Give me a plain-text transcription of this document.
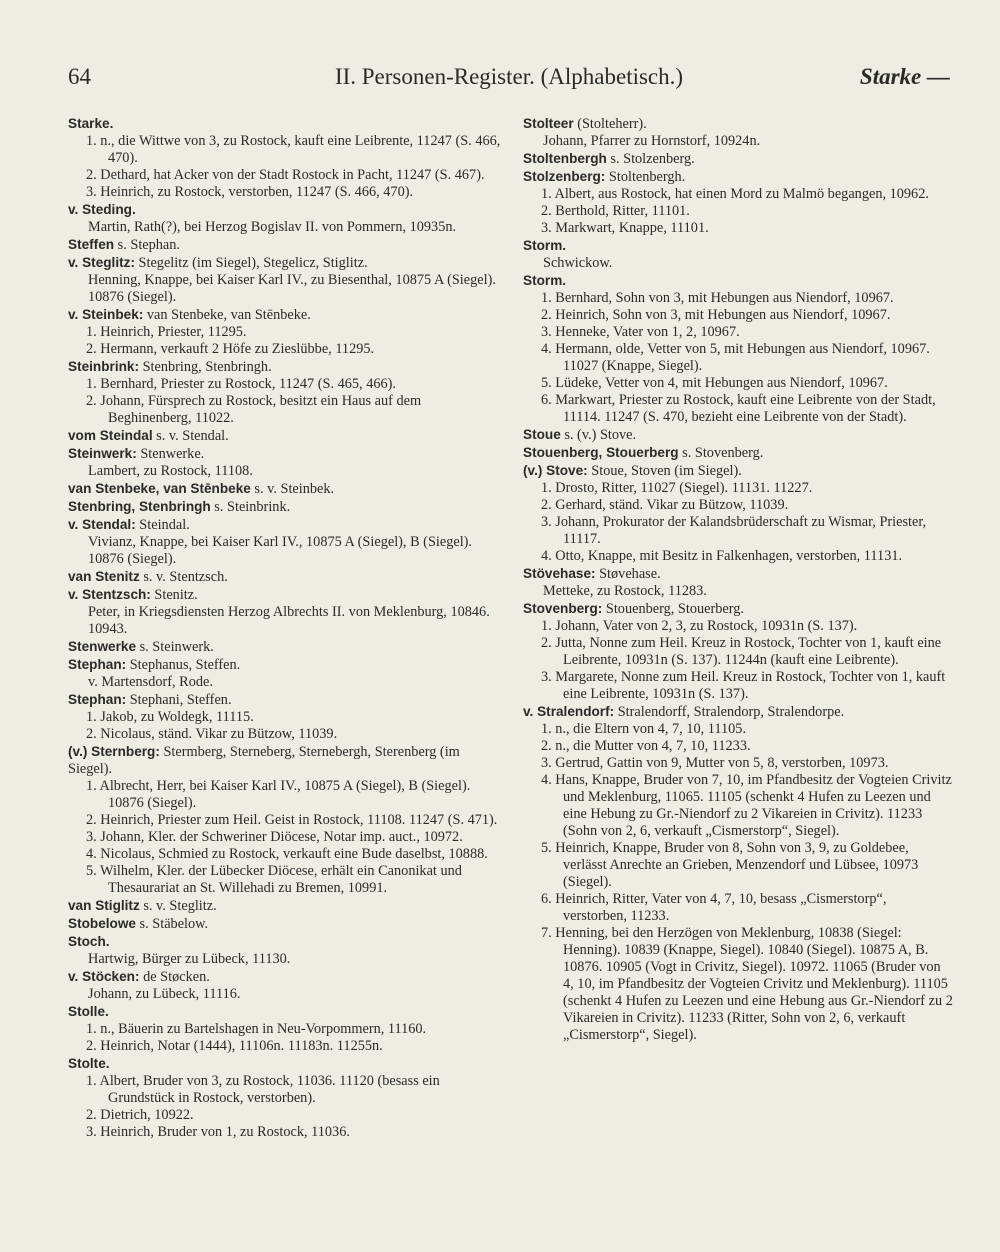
64	II. Personen-Register. (Alphabetisch.)	Starke —
Starke.
1. n., die Wittwe von 3, zu Rostock, kauft eine Leibrente, 11247 (S. 466, 470).
2. Dethard, hat Acker von der Stadt Rostock in Pacht, 11247 (S. 467).
3. Heinrich, zu Rostock, verstorben, 11247 (S. 466, 470).
v. Steding.
Martin, Rath(?), bei Herzog Bogislav II. von Pommern, 10935n.
Steffen s. Stephan.
v. Steglitz: Stegelitz (im Siegel), Stegelicz, Stiglitz.
Henning, Knappe, bei Kaiser Karl IV., zu Biesenthal, 10875 A (Siegel). 10876 (Siegel).
v. Steinbek: van Stenbeke, van Stēnbeke.
1. Heinrich, Priester, 11295.
2. Hermann, verkauft 2 Höfe zu Zieslübbe, 11295.
Steinbrink: Stenbring, Stenbringh.
1. Bernhard, Priester zu Rostock, 11247 (S. 465, 466).
2. Johann, Fürsprech zu Rostock, besitzt ein Haus auf dem Beghinenberg, 11022.
vom Steindal s. v. Stendal.
Steinwerk: Stenwerke.
Lambert, zu Rostock, 11108.
van Stenbeke, van Stēnbeke s. v. Steinbek.
Stenbring, Stenbringh s. Steinbrink.
v. Stendal: Steindal.
Vivianz, Knappe, bei Kaiser Karl IV., 10875 A (Siegel), B (Siegel). 10876 (Siegel).
van Stenitz s. v. Stentzsch.
v. Stentzsch: Stenitz.
Peter, in Kriegsdiensten Herzog Albrechts II. von Meklenburg, 10846. 10943.
Stenwerke s. Steinwerk.
Stephan: Stephanus, Steffen.
v. Martensdorf, Rode.
Stephan: Stephani, Steffen.
1. Jakob, zu Woldegk, 11115.
2. Nicolaus, ständ. Vikar zu Bützow, 11039.
(v.) Sternberg: Stermberg, Sterneberg, Sternebergh, Sterenberg (im Siegel).
1. Albrecht, Herr, bei Kaiser Karl IV., 10875 A (Siegel), B (Siegel). 10876 (Siegel).
2. Heinrich, Priester zum Heil. Geist in Rostock, 11108. 11247 (S. 471).
3. Johann, Kler. der Schweriner Diöcese, Notar imp. auct., 10972.
4. Nicolaus, Schmied zu Rostock, verkauft eine Bude daselbst, 10888.
5. Wilhelm, Kler. der Lübecker Diöcese, erhält ein Canonikat und Thesaurariat an St. Willehadi zu Bremen, 10991.
van Stiglitz s. v. Steglitz.
Stobelowe s. Stäbelow.
Stoch.
Hartwig, Bürger zu Lübeck, 11130.
v. Stöcken: de Støcken.
Johann, zu Lübeck, 11116.
Stolle.
1. n., Bäuerin zu Bartelshagen in Neu-Vorpommern, 11160.
2. Heinrich, Notar (1444), 11106n. 11183n. 11255n.
Stolte.
1. Albert, Bruder von 3, zu Rostock, 11036. 11120 (besass ein Grundstück in Rostock, verstorben).
2. Dietrich, 10922.
3. Heinrich, Bruder von 1, zu Rostock, 11036.
Stolteer (Stolteherr).
Johann, Pfarrer zu Hornstorf, 10924n.
Stoltenbergh s. Stolzenberg.
Stolzenberg: Stoltenbergh.
1. Albert, aus Rostock, hat einen Mord zu Malmö begangen, 10962.
2. Berthold, Ritter, 11101.
3. Markwart, Knappe, 11101.
Storm.
Schwickow.
Storm.
1. Bernhard, Sohn von 3, mit Hebungen aus Niendorf, 10967.
2. Heinrich, Sohn von 3, mit Hebungen aus Niendorf, 10967.
3. Henneke, Vater von 1, 2, 10967.
4. Hermann, olde, Vetter von 5, mit Hebungen aus Niendorf, 10967. 11027 (Knappe, Siegel).
5. Lüdeke, Vetter von 4, mit Hebungen aus Niendorf, 10967.
6. Markwart, Priester zu Rostock, kauft eine Leibrente von der Stadt, 11114. 11247 (S. 470, bezieht eine Leibrente von der Stadt).
Stoue s. (v.) Stove.
Stouenberg, Stouerberg s. Stovenberg.
(v.) Stove: Stoue, Stoven (im Siegel).
1. Drosto, Ritter, 11027 (Siegel). 11131. 11227.
2. Gerhard, ständ. Vikar zu Bützow, 11039.
3. Johann, Prokurator der Kalandsbrüderschaft zu Wismar, Priester, 11117.
4. Otto, Knappe, mit Besitz in Falkenhagen, verstorben, 11131.
Stövehase: Støvehase.
Metteke, zu Rostock, 11283.
Stovenberg: Stouenberg, Stouerberg.
1. Johann, Vater von 2, 3, zu Rostock, 10931n (S. 137).
2. Jutta, Nonne zum Heil. Kreuz in Rostock, Tochter von 1, kauft eine Leibrente, 10931n (S. 137). 11244n (kauft eine Leibrente).
3. Margarete, Nonne zum Heil. Kreuz in Rostock, Tochter von 1, kauft eine Leibrente, 10931n (S. 137).
v. Stralendorf: Stralendorff, Stralendorp, Stralendorpe.
1. n., die Eltern von 4, 7, 10, 11105.
2. n., die Mutter von 4, 7, 10, 11233.
3. Gertrud, Gattin von 9, Mutter von 5, 8, verstorben, 10973.
4. Hans, Knappe, Bruder von 7, 10, im Pfandbesitz der Vogteien Crivitz und Meklenburg, 11065. 11105 (schenkt 4 Hufen zu Leezen und eine Hebung zu Gr.-Niendorf zu 2 Vikareien in Crivitz). 11233 (Sohn von 2, 6, verkauft „Cismerstorp“, Siegel).
5. Heinrich, Knappe, Bruder von 8, Sohn von 3, 9, zu Goldebee, verlässt Anrechte an Grieben, Menzendorf und Lübsee, 10973 (Siegel).
6. Heinrich, Ritter, Vater von 4, 7, 10, besass „Cismerstorp“, verstorben, 11233.
7. Henning, bei den Herzögen von Meklenburg, 10838 (Siegel: Henning). 10839 (Knappe, Siegel). 10840 (Siegel). 10875 A, B. 10876. 10905 (Vogt in Crivitz, Siegel). 10972. 11065 (Bruder von 4, 10, im Pfandbesitz der Vogteien Crivitz und Meklenburg). 11105 (schenkt 4 Hufen zu Leezen und eine Hebung aus Gr.-Niendorf zu 2 Vikareien in Crivitz). 11233 (Ritter, Sohn von 2, 6, verkauft „Cismerstorp“, Siegel).
